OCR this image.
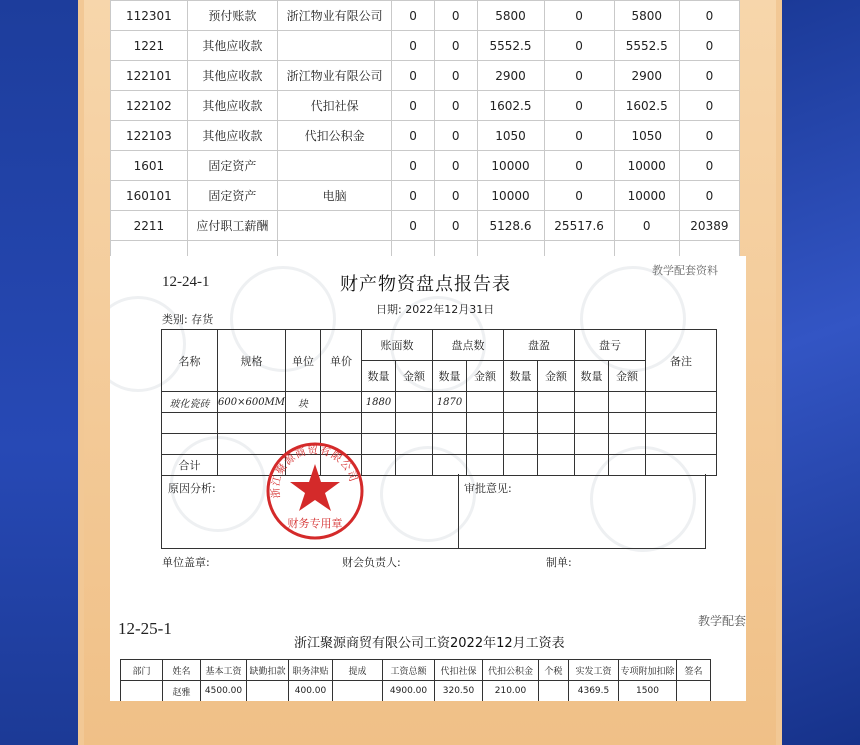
112301	预付账款	浙江物业有限公司	0	0	5800	0	5800	0
1221	其他应收款		0	0	5552.5	0	5552.5	0
122101	其他应收款	浙江物业有限公司	0	0	2900	0	2900	0
122102	其他应收款	代扣社保	0	0	1602.5	0	1602.5	0
122103	其他应收款	代扣公积金	0	0	1050	0	1050	0
1601	固定资产		0	0	10000	0	10000	0
160101	固定资产	电脑	0	0	10000	0	10000	0
2211	应付职工薪酬		0	0	5128.6	25517.6	0	20389

12-24-1	财产物资盘点报告表
教学配套资料
日期: 2022年12月31日
类别: 存货
名称	规格	单位	单价	账面数		盘点数		盘盈		盘亏		备注
				数量	金额	数量	金额	数量	金额	数量	金额	
玻化瓷砖	600×600MM	块		1880		1870						

合计												
原因分析:	审批意见:
浙江聚源商贸有限公司
财务专用章
单位盖章:	财会负责人:	制单:
12-25-1
浙江聚源商贸有限公司工资2022年12月工资表
教学配套
部门	姓名	基本工资	缺勤扣款	职务津贴	提成	工资总额	代扣社保	代扣公积金	个税	实发工资	专项附加扣除	签名
	赵雅	4500.00		400.00		4900.00	320.50	210.00		4369.5	1500	
